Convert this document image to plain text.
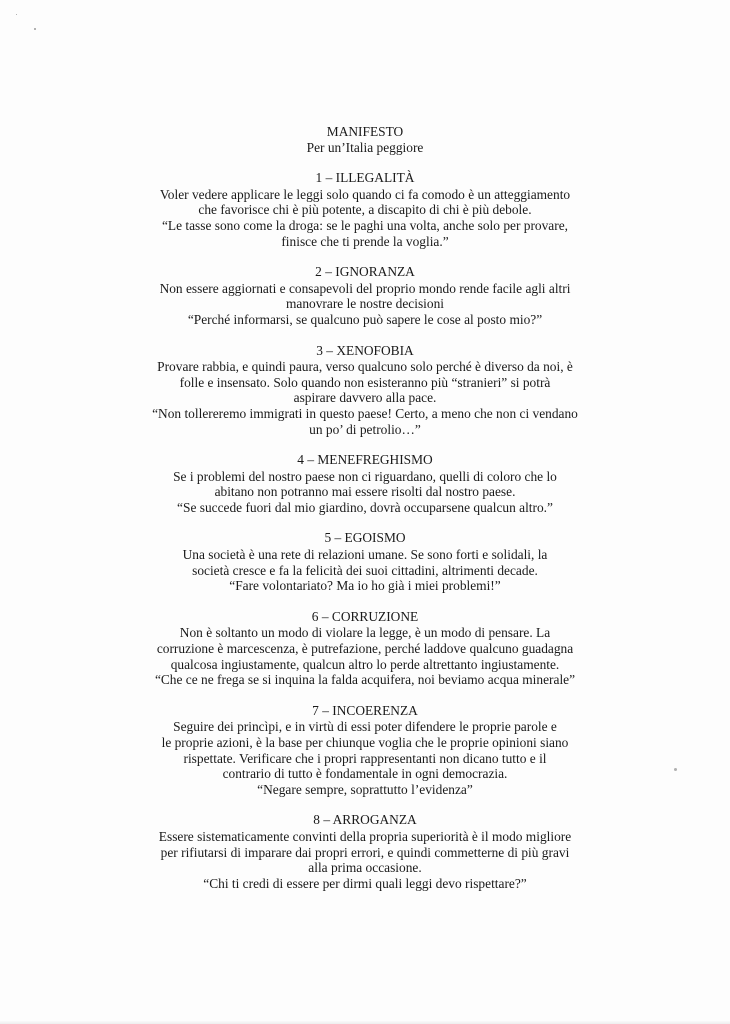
MANIFESTO
Per un’Italia peggiore
1 – ILLEGALITÀ
Voler vedere applicare le leggi solo quando ci fa comodo è un atteggiamento
che favorisce chi è più potente, a discapito di chi è più debole.
“Le tasse sono come la droga: se le paghi una volta, anche solo per provare,
finisce che ti prende la voglia.”
2 – IGNORANZA
Non essere aggiornati e consapevoli del proprio mondo rende facile agli altri
manovrare le nostre decisioni
“Perché informarsi, se qualcuno può sapere le cose al posto mio?”
3 – XENOFOBIA
Provare rabbia, e quindi paura, verso qualcuno solo perché è diverso da noi, è
folle e insensato. Solo quando non esisteranno più “stranieri” si potrà
aspirare davvero alla pace.
“Non tollereremo immigrati in questo paese! Certo, a meno che non ci vendano
un po’ di petrolio…”
4 – MENEFREGHISMO
Se i problemi del nostro paese non ci riguardano, quelli di coloro che lo
abitano non potranno mai essere risolti dal nostro paese.
“Se succede fuori dal mio giardino, dovrà occuparsene qualcun altro.”
5 – EGOISMO
Una società è una rete di relazioni umane. Se sono forti e solidali, la
società cresce e fa la felicità dei suoi cittadini, altrimenti decade.
“Fare volontariato? Ma io ho già i miei problemi!”
6 – CORRUZIONE
Non è soltanto un modo di violare la legge, è un modo di pensare. La
corruzione è marcescenza, è putrefazione, perché laddove qualcuno guadagna
qualcosa ingiustamente, qualcun altro lo perde altrettanto ingiustamente.
“Che ce ne frega se si inquina la falda acquifera, noi beviamo acqua minerale”
7 – INCOERENZA
Seguire dei princìpi, e in virtù di essi poter difendere le proprie parole e
le proprie azioni, è la base per chiunque voglia che le proprie opinioni siano
rispettate. Verificare che i propri rappresentanti non dicano tutto e il
contrario di tutto è fondamentale in ogni democrazia.
“Negare sempre, soprattutto l’evidenza”
8 – ARROGANZA
Essere sistematicamente convinti della propria superiorità è il modo migliore
per rifiutarsi di imparare dai propri errori, e quindi commetterne di più gravi
alla prima occasione.
“Chi ti credi di essere per dirmi quali leggi devo rispettare?”
